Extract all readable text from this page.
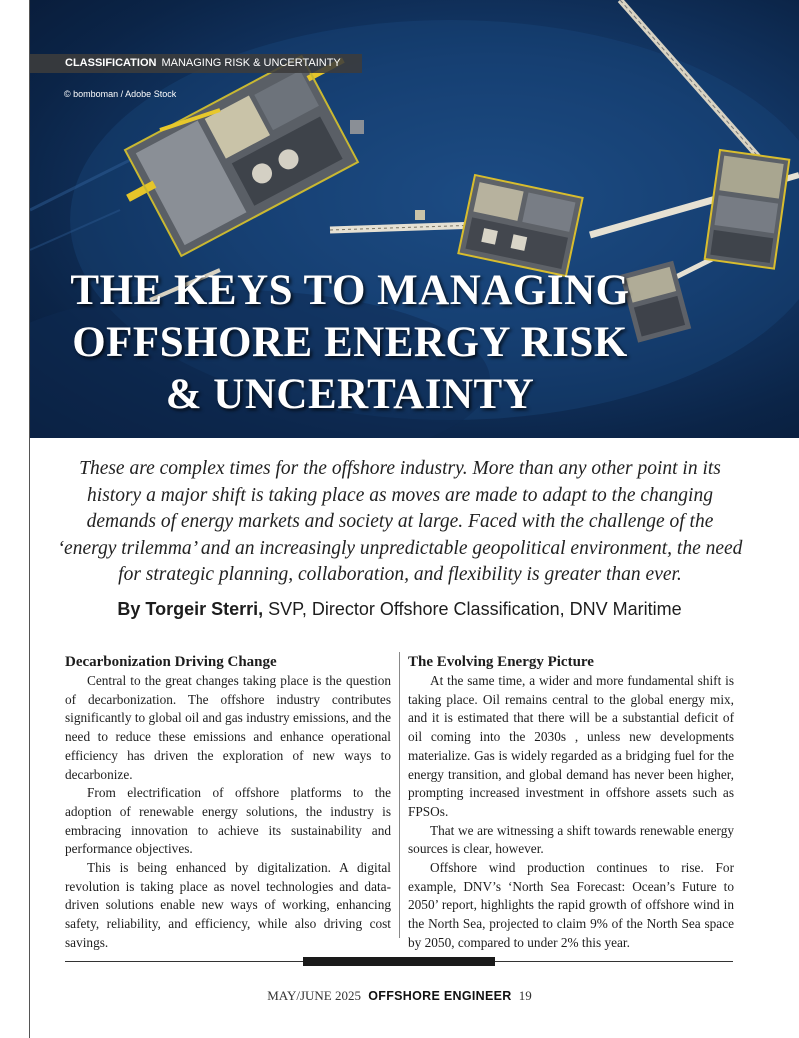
CLASSIFICATION MANAGING RISK & UNCERTAINTY
© bomboman / Adobe Stock
THE KEYS TO MANAGING
OFFSHORE ENERGY RISK
& UNCERTAINTY

These are complex times for the offshore industry. More than any other point in its history a major shift is taking place as moves are made to adapt to the changing demands of energy markets and society at large. Faced with the challenge of the ‘energy trilemma’ and an increasingly unpredictable geopolitical environment, the need for strategic planning, collaboration, and flexibility is greater than ever.

By Torgeir Sterri, SVP, Director Offshore Classification, DNV Maritime
Decarbonization Driving Change

Central to the great changes taking place is the question of decarbonization. The offshore industry contributes significantly to global oil and gas industry emissions, and the need to reduce these emissions and enhance operational efficiency has driven the exploration of new ways to decarbonize.

From electrification of offshore platforms to the adoption of renewable energy solutions, the industry is embracing innovation to achieve its sustainability and performance objectives.

This is being enhanced by digitalization. A digital revolution is taking place as novel technologies and data-driven solutions enable new ways of working, enhancing safety, reliability, and efficiency, while also driving cost savings.

The Evolving Energy Picture

At the same time, a wider and more fundamental shift is taking place. Oil remains central to the global energy mix, and it is estimated that there will be a substantial deficit of oil coming into the 2030s , unless new developments materialize. Gas is widely regarded as a bridging fuel for the energy transition, and global demand has never been higher, prompting increased investment in offshore assets such as FPSOs.

That we are witnessing a shift towards renewable energy sources is clear, however.

Offshore wind production continues to rise. For example, DNV’s ‘North Sea Forecast: Ocean’s Future to 2050’ report, highlights the rapid growth of offshore wind in the North Sea, projected to claim 9% of the North Sea space by 2050, compared to under 2% this year.

MAY/JUNE 2025 OFFSHORE ENGINEER 19
